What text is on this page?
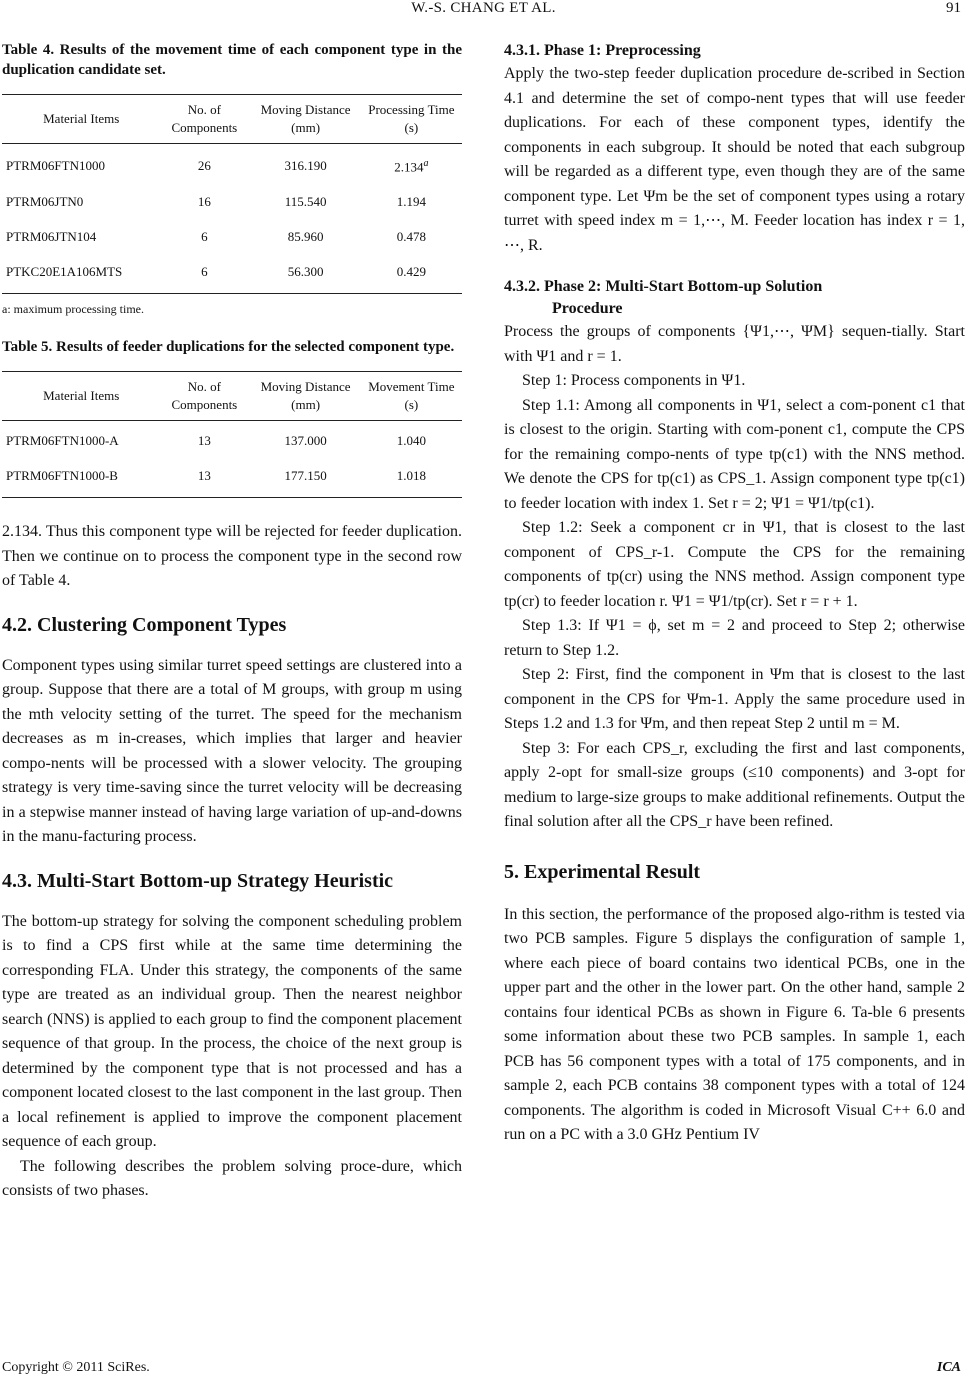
W.-S. CHANG ET AL.	91

Table 4. Results of the movement time of each component type in the duplication candidate set.

Material Items	No. of Components	Moving Distance (mm)	Processing Time (s)
PTRM06FTN1000	26	316.190	2.134$^a$
PTRM06JTN0	16	115.540	1.194
PTRM06JTN104	6	85.960	0.478
PTKC20E1A106MTS	6	56.300	0.429
a: maximum processing time.

Table 5. Results of feeder duplications for the selected component type.

Material Items	No. of Components	Moving Distance (mm)	Movement Time (s)
PTRM06FTN1000-A	13	137.000	1.040
PTRM06FTN1000-B	13	177.150	1.018

2.134. Thus this component type will be rejected for feeder duplication. Then we continue on to process the component type in the second row of Table 4.

4.2. Clustering Component Types

Component types using similar turret speed settings are clustered into a group. Suppose that there are a total of M groups, with group m using the mth velocity setting of the turret. The speed for the mechanism decreases as m in-creases, which implies that larger and heavier compo-nents will be processed with a slower velocity. The grouping strategy is very time-saving since the turret velocity will be decreasing in a stepwise manner instead of having large variation of up-and-downs in the manu-facturing process.

4.3. Multi-Start Bottom-up Strategy Heuristic

The bottom-up strategy for solving the component scheduling problem is to find a CPS first while at the same time determining the corresponding FLA. Under this strategy, the components of the same type are treated as an individual group. Then the nearest neighbor search (NNS) is applied to each group to find the component placement sequence of that group. In the process, the choice of the next group is determined by the component type that is not processed and has a component located closest to the last component in the last group. Then a local refinement is applied to improve the component placement sequence of each group.

The following describes the problem solving proce-dure, which consists of two phases.

4.3.1. Phase 1: Preprocessing

Apply the two-step feeder duplication procedure de-scribed in Section 4.1 and determine the set of compo-nent types that will use feeder duplications. For each of these component types, identify the components in each subgroup. It should be noted that each subgroup will be regarded as a different type, even though they are of the same component type. Let Ψm be the set of component types using a rotary turret with speed index m = 1,⋯, M. Feeder location has index r = 1, ⋯, R.

4.3.2. Phase 2: Multi-Start Bottom-up Solution
Procedure

Process the groups of components {Ψ1,⋯, ΨM} sequen-tially. Start with Ψ1 and r = 1.

Step 1: Process components in Ψ1.

Step 1.1: Among all components in Ψ1, select a com-ponent c1 that is closest to the origin. Starting with com-ponent c1, compute the CPS for the remaining compo-nents of type tp(c1) with the NNS method. We denote the CPS for tp(c1) as CPS_1. Assign component type tp(c1) to feeder location with index 1. Set r = 2; Ψ1 = Ψ1/tp(c1).

Step 1.2: Seek a component cr in Ψ1, that is closest to the last component of CPS_r-1. Compute the CPS for the remaining components of tp(cr) using the NNS method. Assign component type tp(cr) to feeder location r. Ψ1 = Ψ1/tp(cr). Set r = r + 1.

Step 1.3: If Ψ1 = ϕ, set m = 2 and proceed to Step 2; otherwise return to Step 1.2.

Step 2: First, find the component in Ψm that is closest to the last component in the CPS for Ψm-1. Apply the same procedure used in Steps 1.2 and 1.3 for Ψm, and then repeat Step 2 until m = M.

Step 3: For each CPS_r, excluding the first and last components, apply 2-opt for small-size groups (≤10 components) and 3-opt for medium to large-size groups to make additional refinements. Output the final solution after all the CPS_r have been refined.

5. Experimental Result

In this section, the performance of the proposed algo-rithm is tested via two PCB samples. Figure 5 displays the configuration of sample 1, where each piece of board contains two identical PCBs, one in the upper part and the other in the lower part. On the other hand, sample 2 contains four identical PCBs as shown in Figure 6. Ta-ble 6 presents some information about these two PCB samples. In sample 1, each PCB has 56 component types with a total of 175 components, and in sample 2, each PCB contains 38 component types with a total of 124 components. The algorithm is coded in Microsoft Visual C++ 6.0 and run on a PC with a 3.0 GHz Pentium IV

Copyright © 2011 SciRes.	ICA
